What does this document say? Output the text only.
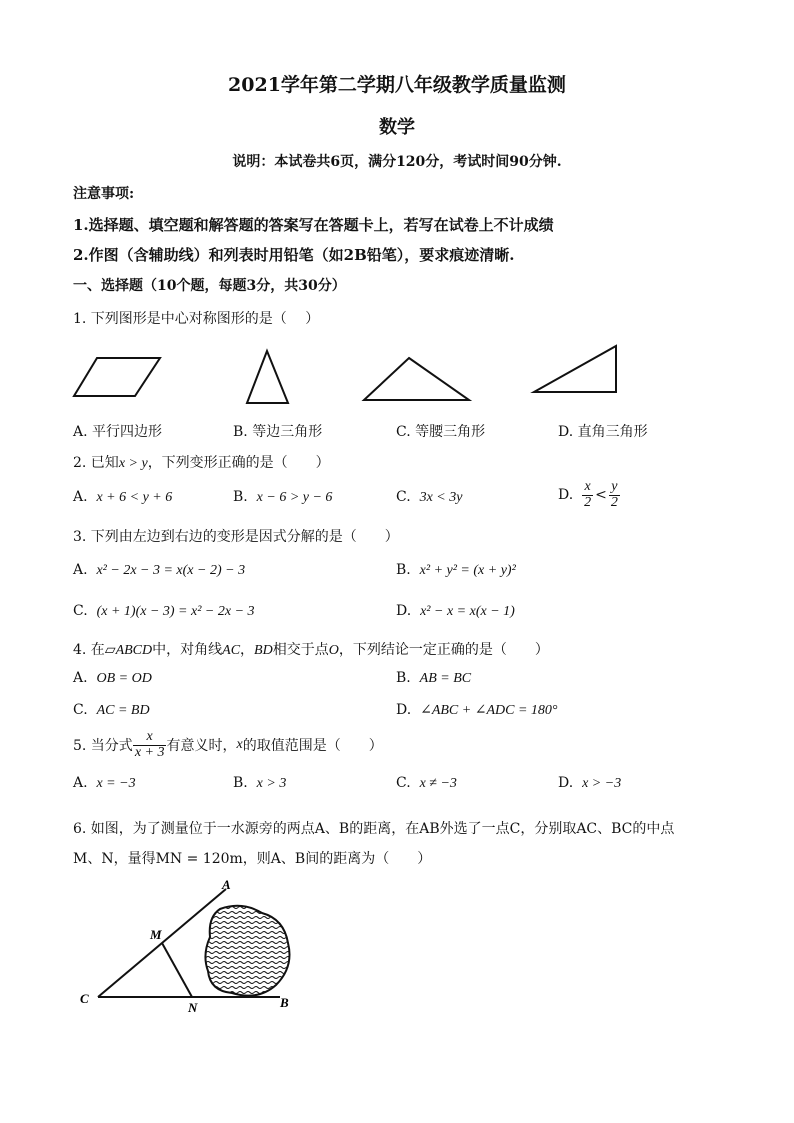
2021学年第二学期八年级教学质量监测
数学
说明：本试卷共6页，满分120分，考试时间90分钟.
注意事项:
1.选择题、填空题和解答题的答案写在答题卡上，若写在试卷上不计成绩
2.作图（含辅助线）和列表时用铅笔（如2B铅笔），要求痕迹清晰.
一、选择题（10个题，每题3分，共30分）
1. 下列图形是中心对称图形的是（　 ）
A. 平行四边形	B. 等边三角形	C. 等腰三角形	D. 直角三角形
2. 已知x > y，下列变形正确的是（　　）
A. x + 6 < y + 6	B. x − 6 > y − 6	C. 3x < 3y	D. $\frac{x}{2} < \frac{y}{2}$
3. 下列由左边到右边的变形是因式分解的是（　　）
A. x² − 2x − 3 = x(x − 2) − 3	B. x² + y² = (x + y)²
C. (x + 1)(x − 3) = x² − 2x − 3	D. x² − x = x(x − 1)
4. 在▱ABCD中，对角线AC，BD相交于点O，下列结论一定正确的是（　　）
A. OB = OD	B. AB = BC
C. AC = BD	D. ∠ABC + ∠ADC = 180°
5. 当分式 $\frac{x}{x + 3}$ 有意义时，x的取值范围是（　　）
A. x = −3	B. x > 3	C. x ≠ −3	D. x > −3
6. 如图，为了测量位于一水源旁的两点A、B的距离，在AB外选了一点C，分别取AC、BC的中点
M、N，量得MN = 120m，则A、B间的距离为（　　）
A
M
C
N	B
